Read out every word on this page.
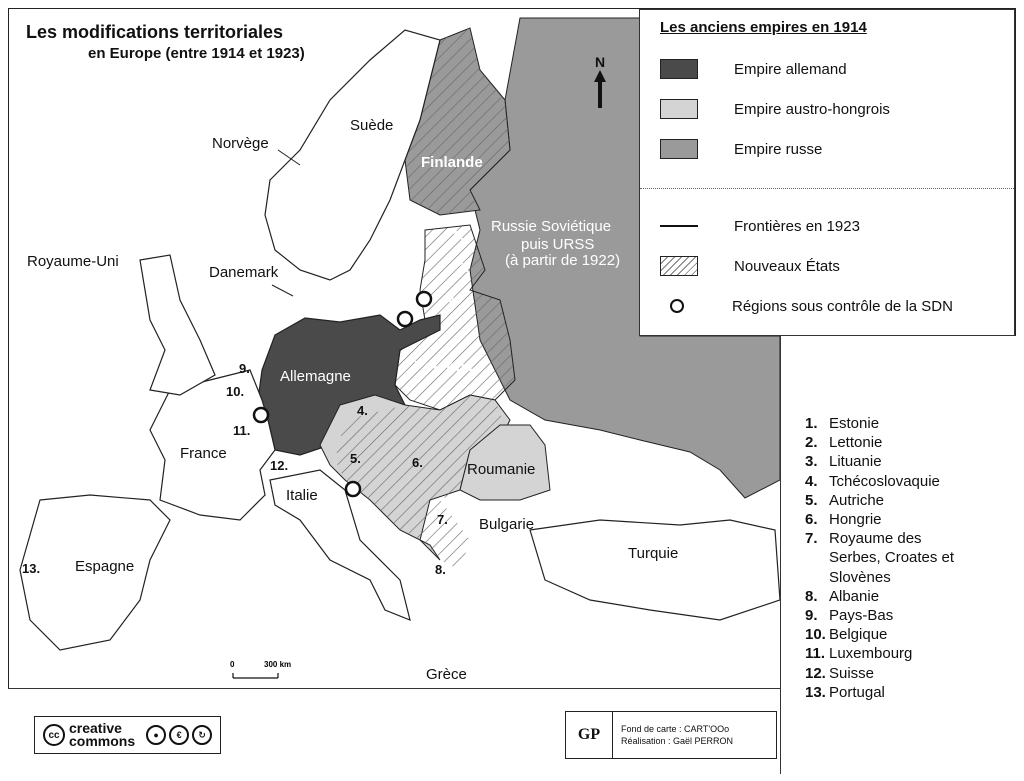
Norvège
Suède
Finlande
Russie Soviétique
puis URSS
(à partir de 1922)
Royaume-Uni
Danemark
Allemagne
Pologne
France
Italie
Roumanie
Bulgarie
Turquie
Espagne
Grèce
1.
2.
3.
4.
5.	6.
7.
8.
9.
10.
11.
12.
13.
0	300 km
Les modifications territoriales
en Europe (entre 1914 et 1923)	N
Les anciens empires en 1914
Empire allemand
Empire austro-hongrois
Empire russe
Frontières en 1923
Nouveaux États
Régions sous contrôle de la SDN
1. Estonie
2. Lettonie
3. Lituanie
4. Tchécoslovaquie
5. Autriche
6. Hongrie
7. Royaume des
Serbes, Croates et
Slovènes
8. Albanie
9. Pays-Bas
10. Belgique
11. Luxembourg
12. Suisse
13. Portugal
cc creative
commons	●	€	↻	GP	Fond de carte : CART'OOo
Réalisation : Gaël PERRON
